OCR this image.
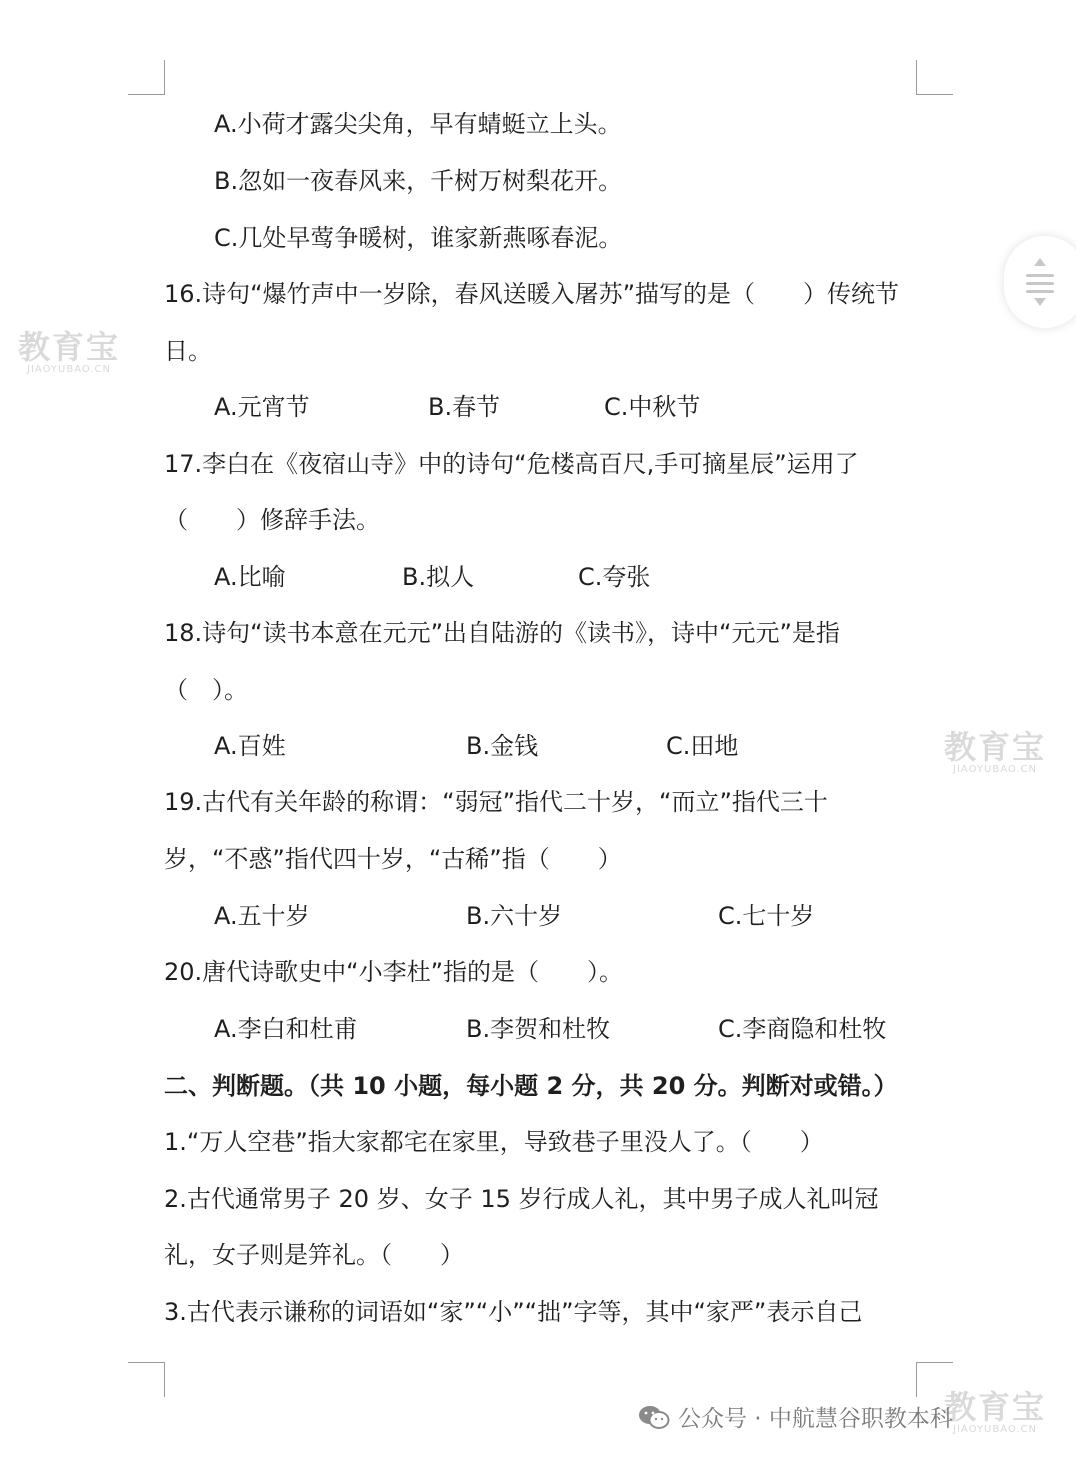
A.小荷才露尖尖角，早有蜻蜓立上头。
B.忽如一夜春风来，千树万树梨花开。
C.几处早莺争暖树，谁家新燕啄春泥。
16.诗句“爆竹声中一岁除，春风送暖入屠苏”描写的是（　　）传统节
日。
A.元宵节	B.春节	C.中秋节
17.李白在《夜宿山寺》中的诗句“危楼高百尺,手可摘星辰”运用了
（　　）修辞手法。
A.比喻	B.拟人	C.夸张
18.诗句“读书本意在元元”出自陆游的《读书》，诗中“元元”是指
（　）。
A.百姓	B.金钱	C.田地
19.古代有关年龄的称谓：“弱冠”指代二十岁，“而立”指代三十
岁，“不惑”指代四十岁，“古稀”指（　　）
A.五十岁	B.六十岁	C.七十岁
20.唐代诗歌史中“小李杜”指的是（　　）。
A.李白和杜甫	B.李贺和杜牧	C.李商隐和杜牧
二、判断题。（共 10 小题，每小题 2 分，共 20 分。判断对或错。）
1.“万人空巷”指大家都宅在家里，导致巷子里没人了。（　　）
2.古代通常男子 20 岁、女子 15 岁行成人礼，其中男子成人礼叫冠
礼，女子则是笄礼。（　　）
3.古代表示谦称的词语如“家”“小”“拙”字等，其中“家严”表示自己
教育宝
JIAOYUBAO.CN
教育宝
JIAOYUBAO.CN
教育宝
JIAOYUBAO.CN
公众号 · 中航慧谷职教本科
